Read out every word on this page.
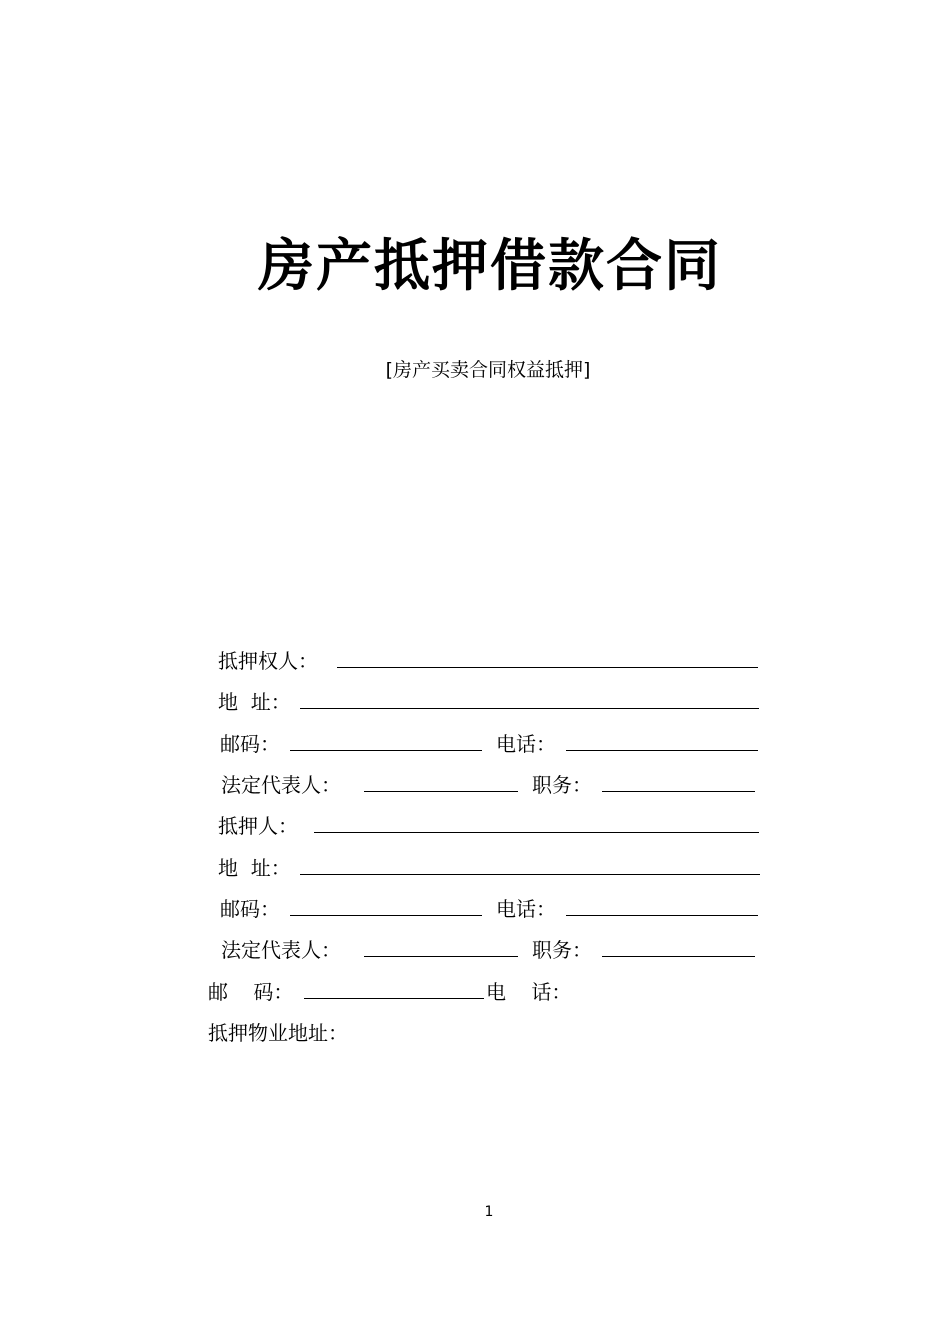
房产抵押借款合同
[房产买卖合同权益抵押]
抵押权人：
地  址：
邮码：	电话：
法定代表人：	职务：
抵押人：
地  址：
邮码：	电话：
法定代表人：	职务：
邮    码：	电    话：
抵押物业地址：
1
